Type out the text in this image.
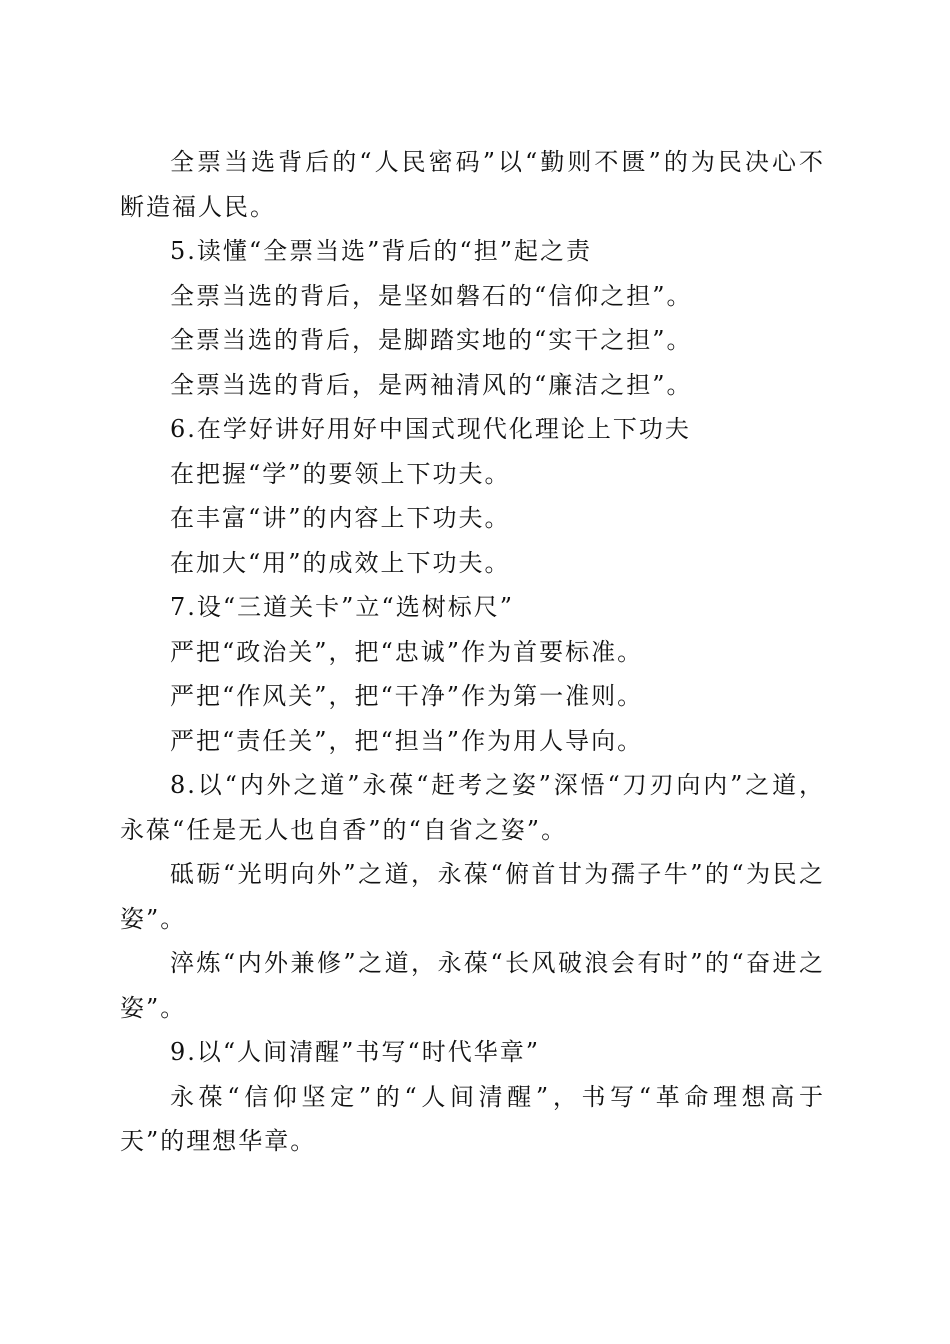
全票当选背后的“人民密码”以“勤则不匮”的为民决心不断造福人民。

5.读懂“全票当选”背后的“担”起之责

全票当选的背后，是坚如磐石的“信仰之担”。

全票当选的背后，是脚踏实地的“实干之担”。

全票当选的背后，是两袖清风的“廉洁之担”。

6.在学好讲好用好中国式现代化理论上下功夫

在把握“学”的要领上下功夫。

在丰富“讲”的内容上下功夫。

在加大“用”的成效上下功夫。

7.设“三道关卡”立“选树标尺”

严把“政治关”，把“忠诚”作为首要标准。

严把“作风关”，把“干净”作为第一准则。

严把“责任关”，把“担当”作为用人导向。

8.以“内外之道”永葆“赶考之姿”深悟“刀刃向内”之道，永葆“任是无人也自香”的“自省之姿”。

砥砺“光明向外”之道，永葆“俯首甘为孺子牛”的“为民之姿”。

淬炼“内外兼修”之道，永葆“长风破浪会有时”的“奋进之姿”。

9.以“人间清醒”书写“时代华章”

永葆“信仰坚定”的“人间清醒”，书写“革命理想高于天”的理想华章。
